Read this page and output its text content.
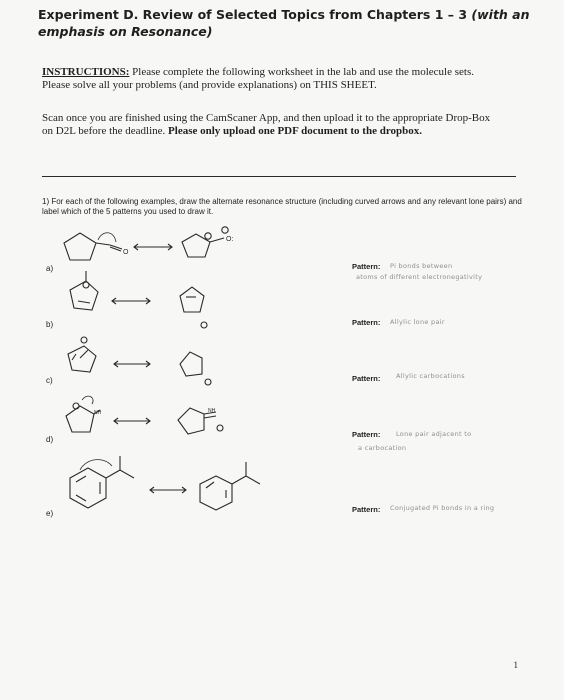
Experiment D. Review of Selected Topics from Chapters 1 – 3 (with an emphasis on Resonance)
INSTRUCTIONS: Please complete the following worksheet in the lab and use the molecule sets. Please solve all your problems (and provide explanations) on THIS SHEET.
Scan once you are finished using the CamScaner App, and then upload it to the appropriate Drop-Box on D2L before the deadline. Please only upload one PDF document to the dropbox.
1) For each of the following examples, draw the alternate resonance structure (including curved arrows and any relevant lone pairs) and label which of the 5 patterns you used to draw it.
a)
b)
c)
d)
e)
Pattern: Pi bonds between
atoms of different electronegativity
Pattern: Allylic lone pair
Pattern: Allylic carbocations
Pattern: Lone pair adjacent to
a carbocation
Pattern: Conjugated Pi bonds in a ring
O
O:
NH	NH
1
